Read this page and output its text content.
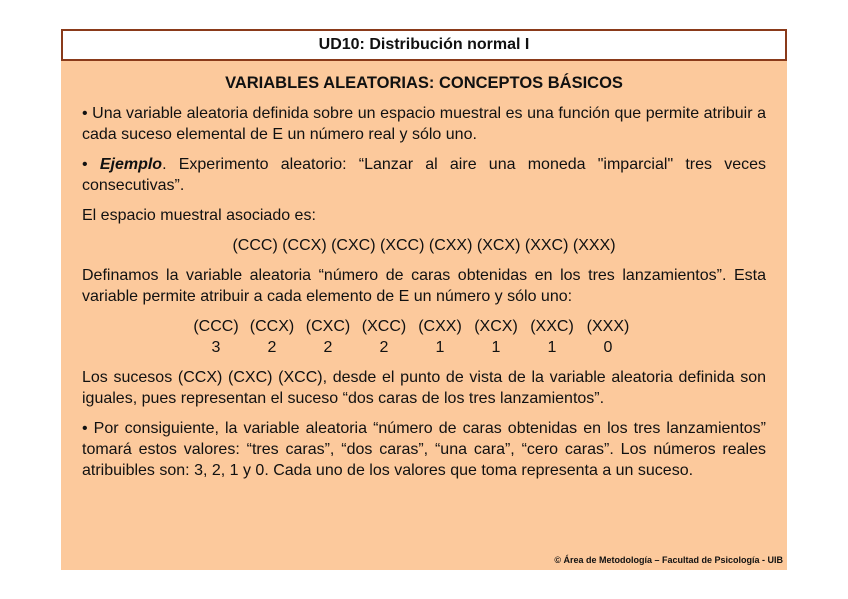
UD10: Distribución normal I
VARIABLES ALEATORIAS: CONCEPTOS BÁSICOS

• Una variable aleatoria definida sobre un espacio muestral es una función que permite atribuir a cada suceso elemental de E un número real y sólo uno.

• Ejemplo. Experimento aleatorio: “Lanzar al aire una moneda "imparcial" tres veces consecutivas”.

El espacio muestral asociado es:

(CCC) (CCX) (CXC) (XCC) (CXX) (XCX) (XXC) (XXX)

Definamos la variable aleatoria “número de caras obtenidas en los tres lanzamientos”. Esta variable permite atribuir a cada elemento de E un número y sólo uno:

(CCC) (CCX) (CXC) (XCC) (CXX) (XCX) (XXC) (XXX)
3	2	2	2	1	1	1	0

Los sucesos (CCX) (CXC) (XCC), desde el punto de vista de la variable aleatoria definida son iguales, pues representan el suceso “dos caras de los tres lanzamientos”.

• Por consiguiente, la variable aleatoria “número de caras obtenidas en los tres lanzamientos” tomará estos valores: “tres caras”, “dos caras”, “una cara”, “cero caras”. Los números reales atribuibles son: 3, 2, 1 y 0. Cada uno de los valores que toma representa a un suceso.

© Área de Metodología – Facultad de Psicología - UIB
